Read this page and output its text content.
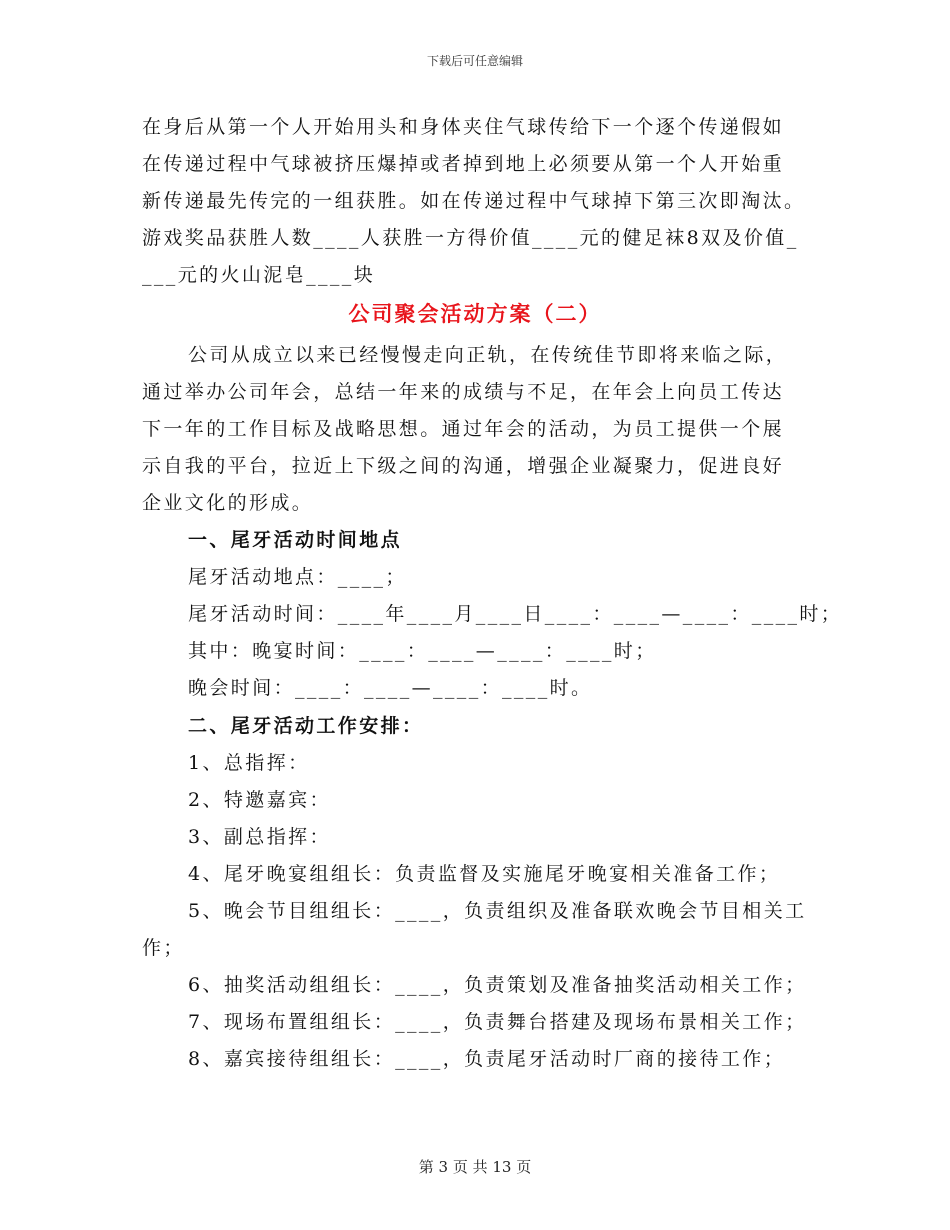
下载后可任意编辑
在身后从第一个人开始用头和身体夹住气球传给下一个逐个传递假如
在传递过程中气球被挤压爆掉或者掉到地上必须要从第一个人开始重
新传递最先传完的一组获胜。如在传递过程中气球掉下第三次即淘汰。
游戏奖品获胜人数____人获胜一方得价值____元的健足袜8双及价值_
___元的火山泥皂____块
公司聚会活动方案（二）
公司从成立以来已经慢慢走向正轨，在传统佳节即将来临之际，
通过举办公司年会，总结一年来的成绩与不足，在年会上向员工传达
下一年的工作目标及战略思想。通过年会的活动，为员工提供一个展
示自我的平台，拉近上下级之间的沟通，增强企业凝聚力，促进良好
企业文化的形成。
一、尾牙活动时间地点
尾牙活动地点：____；
尾牙活动时间：____年____月____日____：____—____：____时；
其中：晚宴时间：____：____—____：____时；
晚会时间：____：____—____：____时。
二、尾牙活动工作安排：
1、总指挥：
2、特邀嘉宾：
3、副总指挥：
4、尾牙晚宴组组长：负责监督及实施尾牙晚宴相关准备工作；
5、晚会节目组组长：____，负责组织及准备联欢晚会节目相关工
作；
6、抽奖活动组组长：____，负责策划及准备抽奖活动相关工作；
7、现场布置组组长：____，负责舞台搭建及现场布景相关工作；
8、嘉宾接待组组长：____，负责尾牙活动时厂商的接待工作；
第 3 页 共 13 页
